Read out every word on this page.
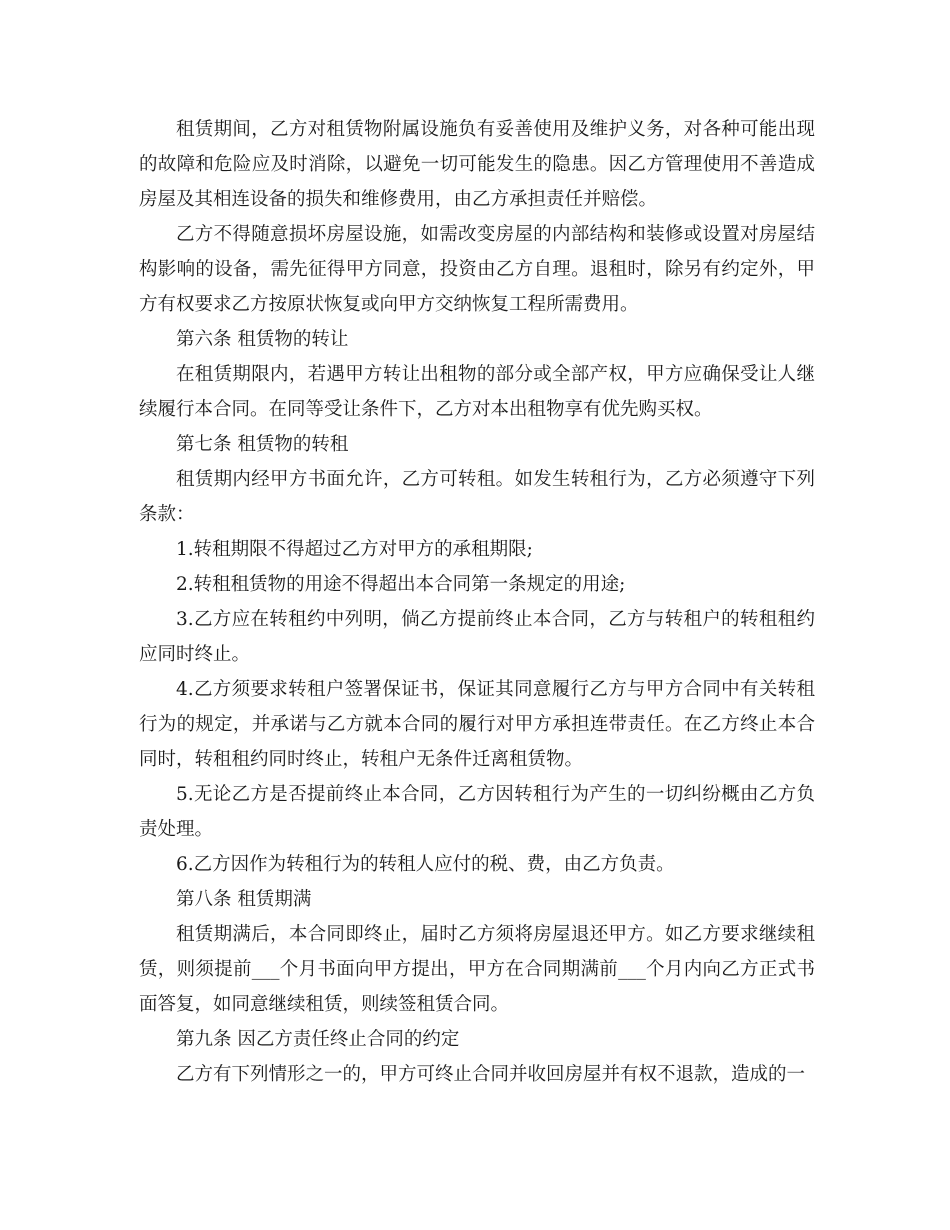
租赁期间，乙方对租赁物附属设施负有妥善使用及维护义务，对各种可能出现的故障和危险应及时消除，以避免一切可能发生的隐患。因乙方管理使用不善造成房屋及其相连设备的损失和维修费用，由乙方承担责任并赔偿。

乙方不得随意损坏房屋设施，如需改变房屋的内部结构和装修或设置对房屋结构影响的设备，需先征得甲方同意，投资由乙方自理。退租时，除另有约定外，甲方有权要求乙方按原状恢复或向甲方交纳恢复工程所需费用。

第六条 租赁物的转让

在租赁期限内，若遇甲方转让出租物的部分或全部产权，甲方应确保受让人继续履行本合同。在同等受让条件下，乙方对本出租物享有优先购买权。

第七条 租赁物的转租

租赁期内经甲方书面允许，乙方可转租。如发生转租行为，乙方必须遵守下列条款：

1.转租期限不得超过乙方对甲方的承租期限;

2.转租租赁物的用途不得超出本合同第一条规定的用途;

3.乙方应在转租约中列明，倘乙方提前终止本合同，乙方与转租户的转租租约应同时终止。

4.乙方须要求转租户签署保证书，保证其同意履行乙方与甲方合同中有关转租行为的规定，并承诺与乙方就本合同的履行对甲方承担连带责任。在乙方终止本合同时，转租租约同时终止，转租户无条件迁离租赁物。

5.无论乙方是否提前终止本合同，乙方因转租行为产生的一切纠纷概由乙方负责处理。

6.乙方因作为转租行为的转租人应付的税、费，由乙方负责。

第八条 租赁期满

租赁期满后，本合同即终止，届时乙方须将房屋退还甲方。如乙方要求继续租赁，则须提前___个月书面向甲方提出，甲方在合同期满前___个月内向乙方正式书面答复，如同意继续租赁，则续签租赁合同。

第九条 因乙方责任终止合同的约定

乙方有下列情形之一的，甲方可终止合同并收回房屋并有权不退款，造成的一
